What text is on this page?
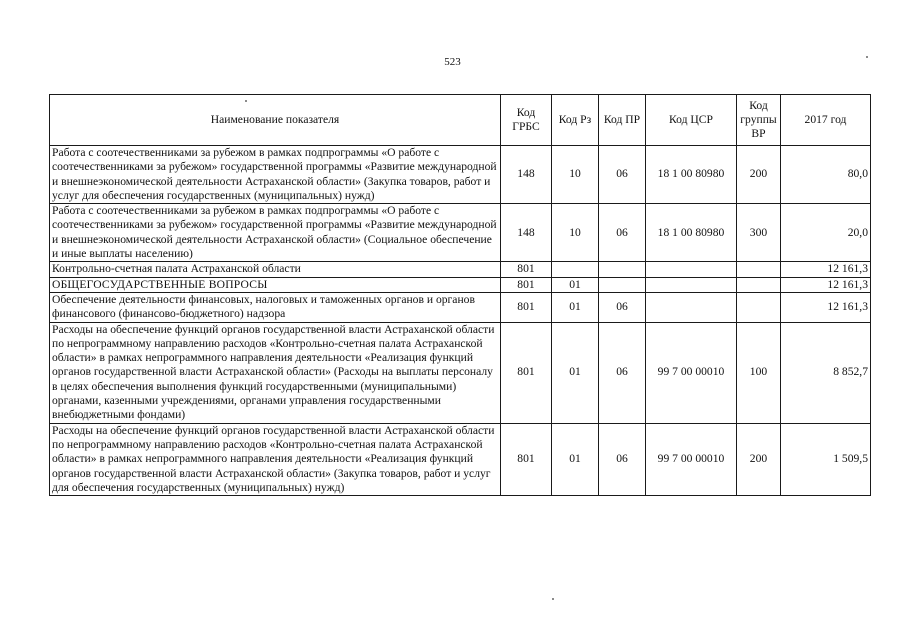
523
Наименование показателя	Код ГРБС	Код Рз	Код ПР	Код ЦСР	Код группы ВР	2017 год
Работа с соотечественниками за рубежом в рамках подпрограммы «О работе с соотечественниками за рубежом» государственной программы «Развитие международной и внешнеэкономической деятельности Астраханской области» (Закупка товаров, работ и услуг для обеспечения государственных (муниципальных) нужд)	148	10	06	18 1 00 80980	200	80,0
Работа с соотечественниками за рубежом в рамках подпрограммы «О работе с соотечественниками за рубежом» государственной программы «Развитие международной и внешнеэкономической деятельности Астраханской области» (Социальное обеспечение и иные выплаты населению)	148	10	06	18 1 00 80980	300	20,0
Контрольно-счетная палата Астраханской области	801					12 161,3
ОБЩЕГОСУДАРСТВЕННЫЕ ВОПРОСЫ	801	01				12 161,3
Обеспечение деятельности финансовых, налоговых и таможенных органов и органов финансового (финансово-бюджетного) надзора	801	01	06			12 161,3
Расходы на обеспечение функций органов государственной власти Астраханской области по непрограммному направлению расходов «Контрольно-счетная палата Астраханской области» в рамках непрограммного направления деятельности «Реализация функций органов государственной власти Астраханской области» (Расходы на выплаты персоналу в целях обеспечения выполнения функций государственными (муниципальными) органами, казенными учреждениями, органами управления государственными внебюджетными фондами)	801	01	06	99 7 00 00010	100	8 852,7
Расходы на обеспечение функций органов государственной власти Астраханской области по непрограммному направлению расходов «Контрольно-счетная палата Астраханской области» в рамках непрограммного направления деятельности «Реализация функций органов государственной власти Астраханской области» (Закупка товаров, работ и услуг для обеспечения государственных (муниципальных) нужд)	801	01	06	99 7 00 00010	200	1 509,5
